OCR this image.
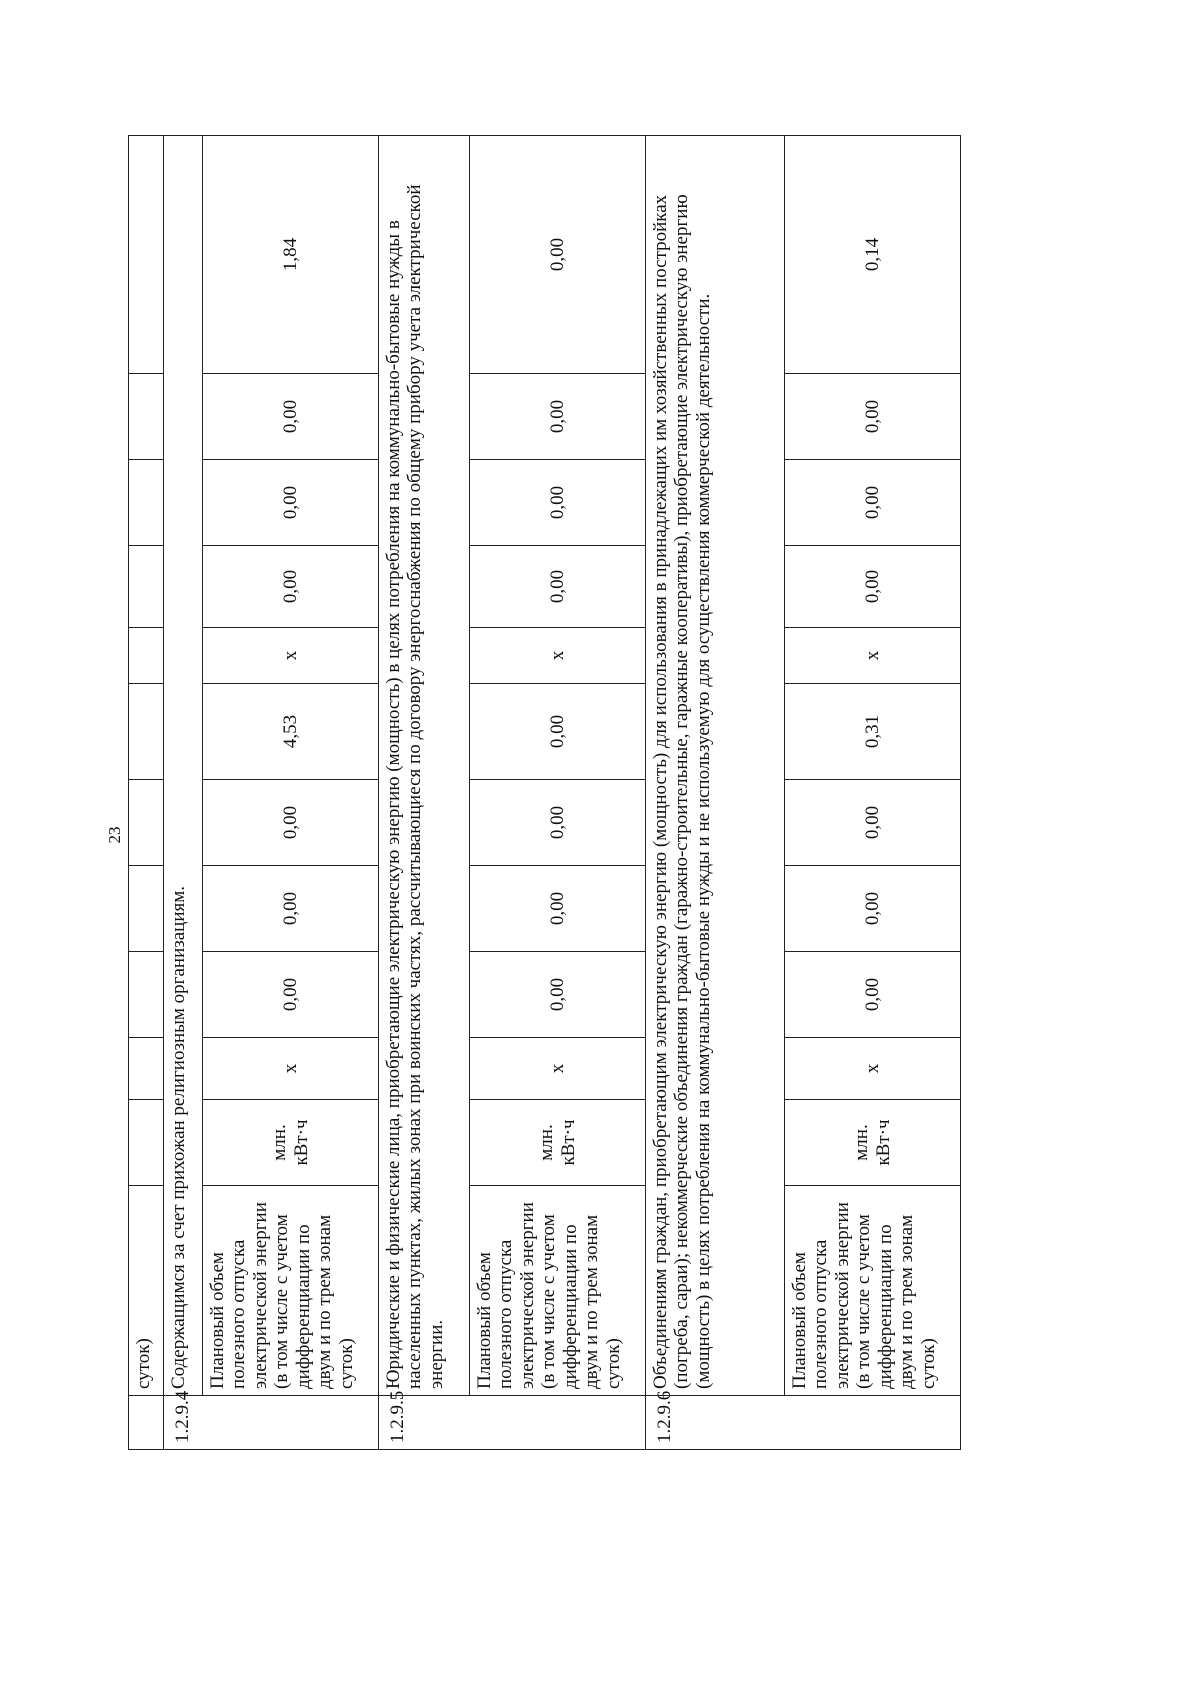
23
	суток)											
1.2.9.4	Содержащимся за счет прихожан религиозным организациям.											
	Плановый объем полезного отпуска электрической энергии (в том числе с учетом дифференциации по двум и по трем зонам суток)	млн. кВт·ч	x	0,00	0,00	0,00	4,53	x	0,00	0,00	0,00	1,84
1.2.9.5	Юридические и физические лица, приобретающие электрическую энергию (мощность) в целях потребления на коммунально-бытовые нужды в населенных пунктах, жилых зонах при воинских частях, рассчитывающиеся по договору энергоснабжения по общему прибору учета электрической энергии.											
	Плановый объем полезного отпуска электрической энергии (в том числе с учетом дифференциации по двум и по трем зонам суток)	млн. кВт·ч	x	0,00	0,00	0,00	0,00	x	0,00	0,00	0,00	0,00
1.2.9.6	Объединениям граждан, приобретающим электрическую энергию (мощность) для использования в принадлежащих им хозяйственных постройках (погреба, сараи); некоммерческие объединения граждан (гаражно-строительные, гаражные кооперативы), приобретающие электрическую энергию (мощность) в целях потребления на коммунально-бытовые нужды и не используемую для осуществления коммерческой деятельности.											
	Плановый объем полезного отпуска электрической энергии (в том числе с учетом дифференциации по двум и по трем зонам суток)	млн. кВт·ч	x	0,00	0,00	0,00	0,31	x	0,00	0,00	0,00	0,14
